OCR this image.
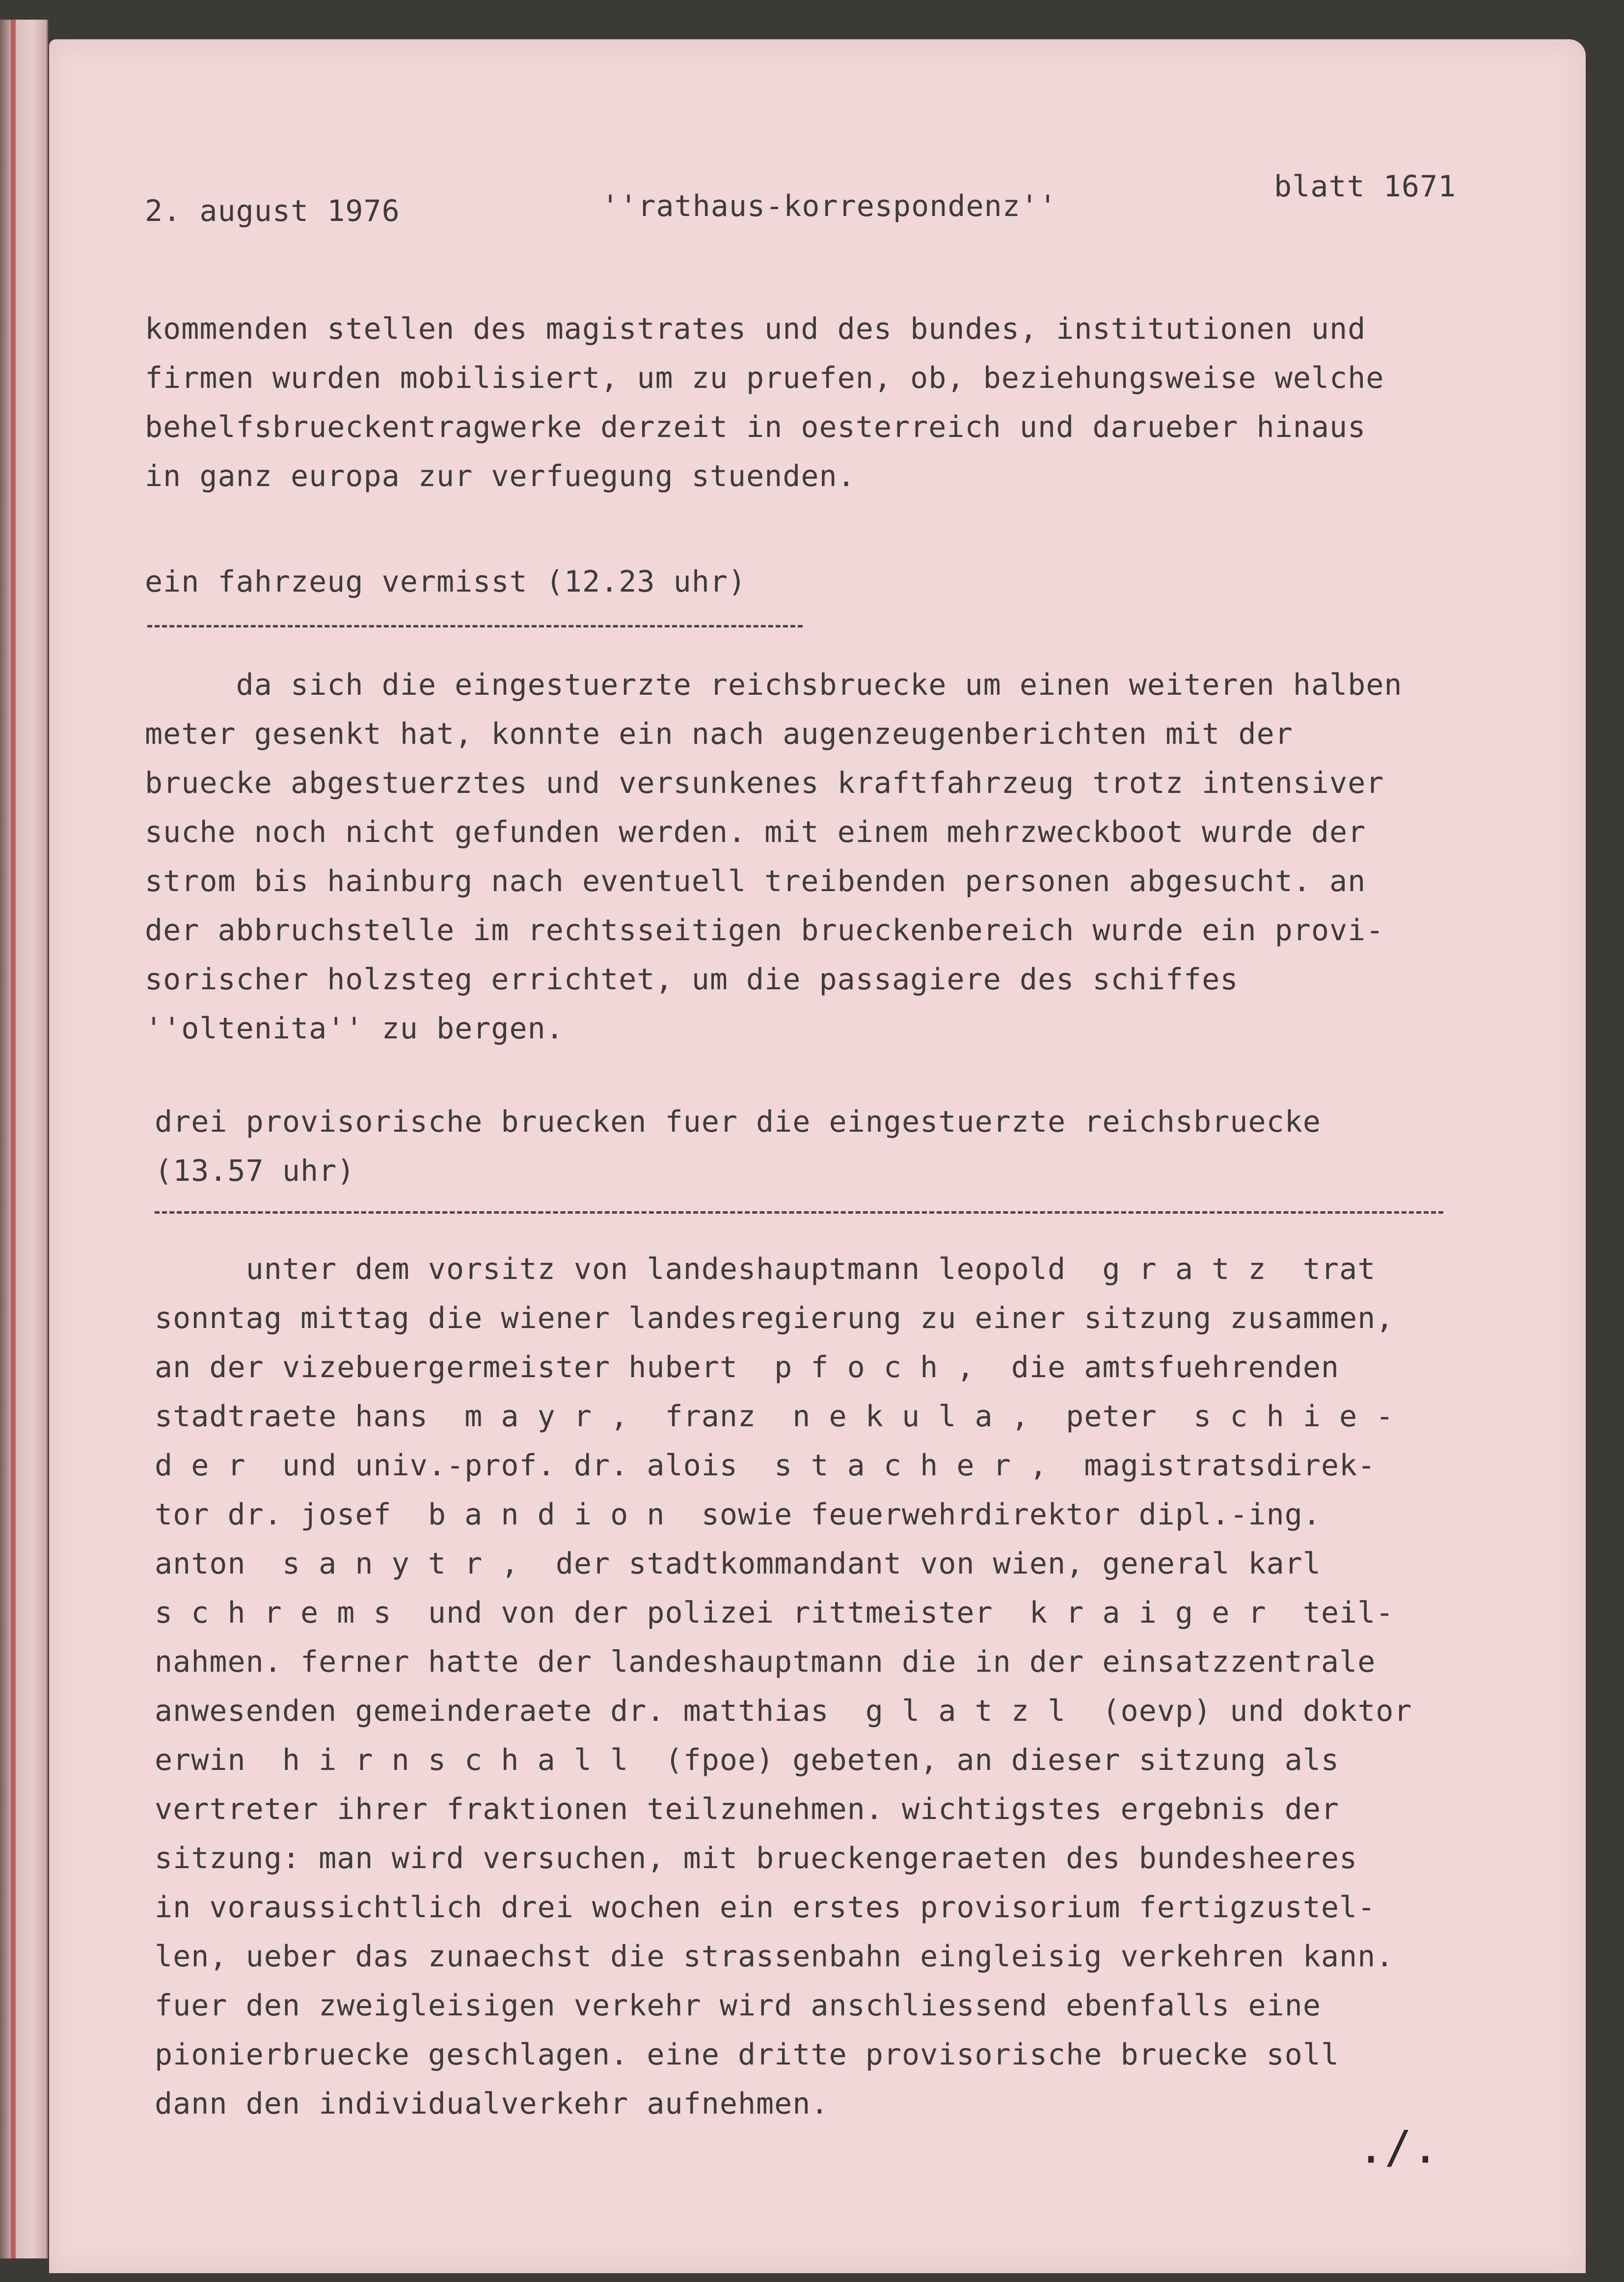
2. august 1976	''rathaus-korrespondenz''
blatt 1671
kommenden stellen des magistrates und des bundes, institutionen und
firmen wurden mobilisiert, um zu pruefen, ob, beziehungsweise welche
behelfsbrueckentragwerke derzeit in oesterreich und darueber hinaus
in ganz europa zur verfuegung stuenden.
ein fahrzeug vermisst (12.23 uhr)
da sich die eingestuerzte reichsbruecke um einen weiteren halben
meter gesenkt hat, konnte ein nach augenzeugenberichten mit der
bruecke abgestuerztes und versunkenes kraftfahrzeug trotz intensiver
suche noch nicht gefunden werden. mit einem mehrzweckboot wurde der
strom bis hainburg nach eventuell treibenden personen abgesucht. an
der abbruchstelle im rechtsseitigen brueckenbereich wurde ein provi-
sorischer holzsteg errichtet, um die passagiere des schiffes
''oltenita'' zu bergen.
drei provisorische bruecken fuer die eingestuerzte reichsbruecke
(13.57 uhr)
unter dem vorsitz von landeshauptmann leopold  g r a t z  trat
sonntag mittag die wiener landesregierung zu einer sitzung zusammen,
an der vizebuergermeister hubert  p f o c h ,  die amtsfuehrenden
stadtraete hans  m a y r ,  franz  n e k u l a ,  peter  s c h i e -
d e r  und univ.-prof. dr. alois  s t a c h e r ,  magistratsdirek-
tor dr. josef  b a n d i o n  sowie feuerwehrdirektor dipl.-ing.
anton  s a n y t r ,  der stadtkommandant von wien, general karl
s c h r e m s  und von der polizei rittmeister  k r a i g e r  teil-
nahmen. ferner hatte der landeshauptmann die in der einsatzzentrale
anwesenden gemeinderaete dr. matthias  g l a t z l  (oevp) und doktor
erwin  h i r n s c h a l l  (fpoe) gebeten, an dieser sitzung als
vertreter ihrer fraktionen teilzunehmen. wichtigstes ergebnis der
sitzung: man wird versuchen, mit brueckengeraeten des bundesheeres
in voraussichtlich drei wochen ein erstes provisorium fertigzustel-
len, ueber das zunaechst die strassenbahn eingleisig verkehren kann.
fuer den zweigleisigen verkehr wird anschliessend ebenfalls eine
pionierbruecke geschlagen. eine dritte provisorische bruecke soll
dann den individualverkehr aufnehmen.
./.
